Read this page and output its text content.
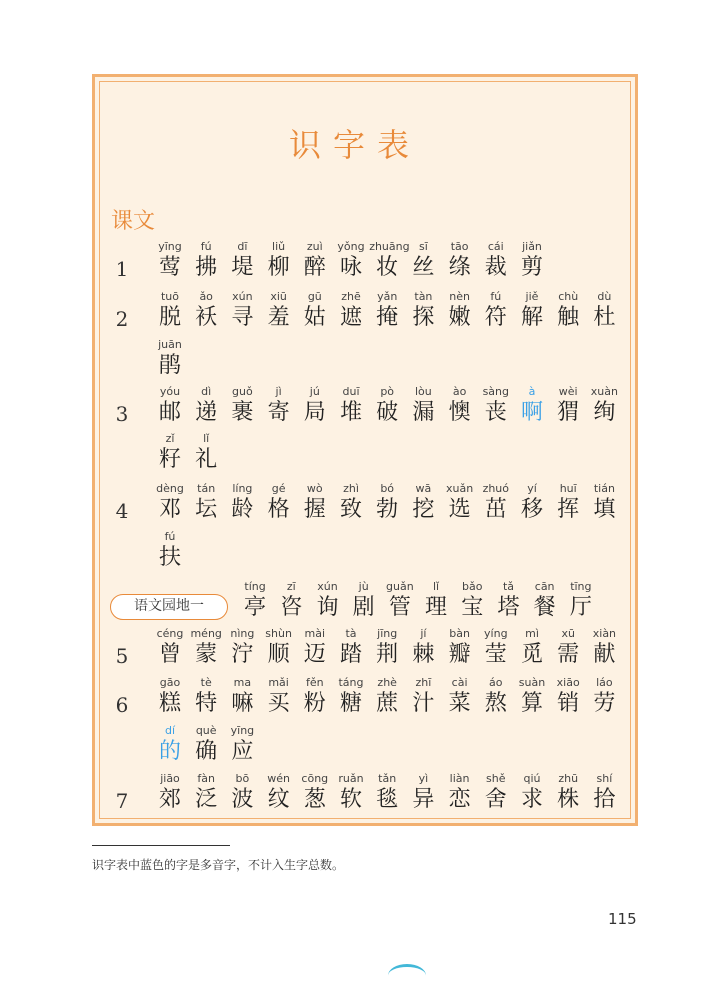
识字表
课文
1
yīng
莺
fú
拂
dī
堤
liǔ
柳
zuì
醉
yǒng
咏
zhuāng
妆
sī
丝
tāo
绦
cái
裁
jiǎn
剪
2
tuō
脱
ǎo
袄
xún
寻
xiū
羞
gū
姑
zhē
遮
yǎn
掩
tàn
探
nèn
嫩
fú
符
jiě
解
chù
触
dù
杜
juān
鹃
3
yóu
邮
dì
递
guǒ
裹
jì
寄
jú
局
duī
堆
pò
破
lòu
漏
ào
懊
sàng
丧
à
啊
wèi
猬
xuàn
绚
zǐ
籽
lǐ
礼
4
dèng
邓
tán
坛
líng
龄
gé
格
wò
握
zhì
致
bó
勃
wā
挖
xuǎn
选
zhuó
茁
yí
移
huī
挥
tián
填
fú
扶
语文园地一
tíng
亭
zī
咨
xún
询
jù
剧
guǎn
管
lǐ
理
bǎo
宝
tǎ
塔
cān
餐
tīng
厅
5
céng
曾
méng
蒙
nìng
泞
shùn
顺
mài
迈
tà
踏
jīng
荆
jí
棘
bàn
瓣
yíng
莹
mì
觅
xū
需
xiàn
献
6
gāo
糕
tè
特
ma
嘛
mǎi
买
fěn
粉
táng
糖
zhè
蔗
zhī
汁
cài
菜
áo
熬
suàn
算
xiāo
销
láo
劳
dí
的
què
确
yīng
应
7
jiāo
郊
fàn
泛
bō
波
wén
纹
cōng
葱
ruǎn
软
tǎn
毯
yì
异
liàn
恋
shě
舍
qiú
求
zhū
株
shí
拾
识字表中蓝色的字是多音字，不计入生字总数。
115
